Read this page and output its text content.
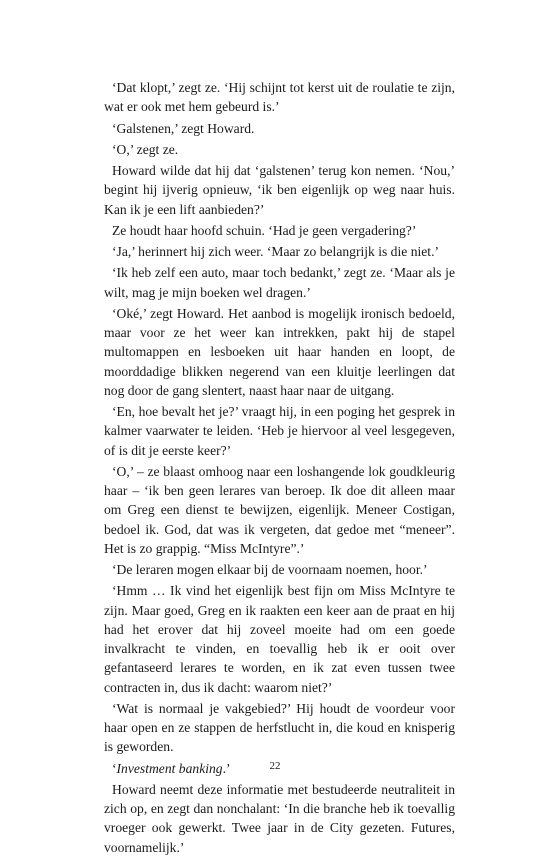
‘Dat klopt,’ zegt ze. ‘Hij schijnt tot kerst uit de roulatie te zijn, wat er ook met hem gebeurd is.’

‘Galstenen,’ zegt Howard.

‘O,’ zegt ze.

Howard wilde dat hij dat ‘galstenen’ terug kon nemen. ‘Nou,’ begint hij ijverig opnieuw, ‘ik ben eigenlijk op weg naar huis. Kan ik je een lift aanbieden?’

Ze houdt haar hoofd schuin. ‘Had je geen vergadering?’

‘Ja,’ herinnert hij zich weer. ‘Maar zo belangrijk is die niet.’

‘Ik heb zelf een auto, maar toch bedankt,’ zegt ze. ‘Maar als je wilt, mag je mijn boeken wel dragen.’

‘Oké,’ zegt Howard. Het aanbod is mogelijk ironisch bedoeld, maar voor ze het weer kan intrekken, pakt hij de stapel multomappen en lesboeken uit haar handen en loopt, de moorddadige blikken negerend van een kluitje leerlingen dat nog door de gang slentert, naast haar naar de uitgang.

‘En, hoe bevalt het je?’ vraagt hij, in een poging het gesprek in kalmer vaarwater te leiden. ‘Heb je hiervoor al veel lesgegeven, of is dit je eerste keer?’

‘O,’ – ze blaast omhoog naar een loshangende lok goudkleurig haar – ‘ik ben geen lerares van beroep. Ik doe dit alleen maar om Greg een dienst te bewijzen, eigenlijk. Meneer Costigan, bedoel ik. God, dat was ik vergeten, dat gedoe met “meneer”. Het is zo grappig. “Miss McIntyre”.’

‘De leraren mogen elkaar bij de voornaam noemen, hoor.’

‘Hmm … Ik vind het eigenlijk best fijn om Miss McIntyre te zijn. Maar goed, Greg en ik raakten een keer aan de praat en hij had het erover dat hij zoveel moeite had om een goede invalkracht te vinden, en toevallig heb ik er ooit over gefantaseerd lerares te worden, en ik zat even tussen twee contracten in, dus ik dacht: waarom niet?’

‘Wat is normaal je vakgebied?’ Hij houdt de voordeur voor haar open en ze stappen de herfstlucht in, die koud en knisperig is geworden.

‘Investment banking.’

Howard neemt deze informatie met bestudeerde neutraliteit in zich op, en zegt dan nonchalant: ‘In die branche heb ik toevallig vroeger ook gewerkt. Twee jaar in de City gezeten. Futures, voornamelijk.’

22
